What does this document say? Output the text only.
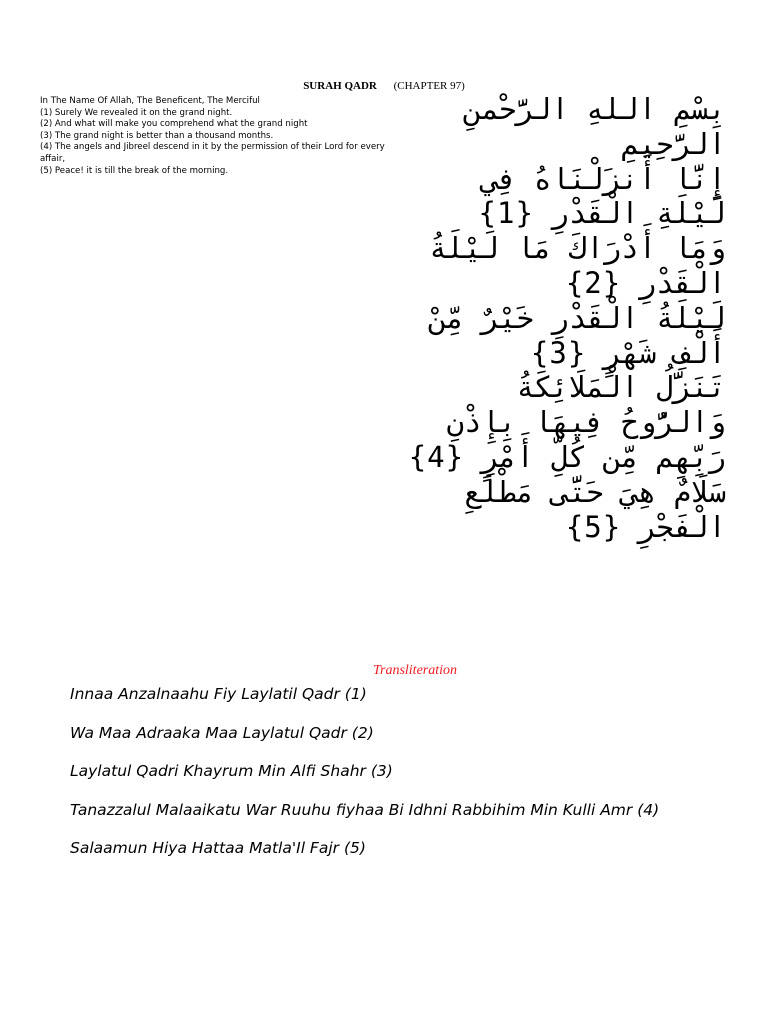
SURAH QADR (CHAPTER 97)
In The Name Of Allah, The Beneficent, The Merciful
(1) Surely We revealed it on the grand night.
(2) And what will make you comprehend what the grand night
(3) The grand night is better than a thousand months.
(4) The angels and Jibreel descend in it by the permission of their Lord for every affair,
(5) Peace! it is till the break of the morning.
بِسْمِ اللهِ الرَّحْمنِ
الرَّحِيمِ
إِنَّا أَنزَلْنَاهُ فِي
لَيْلَةِ الْقَدْرِ {1}
وَمَا أَدْرَاكَ مَا لَيْلَةُ
الْقَدْرِ {2}
لَيْلَةُ الْقَدْرِ خَيْرٌ مِّنْ
أَلْفِ شَهْرٍ {3}
تَنَزَّلُ الْمَلَائِكَةُ
وَالرُّوحُ فِيهَا بِإِذْنِ
رَبِّهِم مِّن كُلِّ أَمْرٍ {4}
سَلَامٌ هِيَ حَتَّى مَطْلَعِ
الْفَجْرِ {5}
Transliteration
Innaa Anzalnaahu Fiy Laylatil Qadr (1)
Wa Maa Adraaka Maa Laylatul Qadr (2)
Laylatul Qadri Khayrum Min Alfi Shahr (3)
Tanazzalul Malaaikatu War Ruuhu fiyhaa Bi Idhni Rabbihim Min Kulli Amr (4)
Salaamun Hiya Hattaa Matla'Il Fajr (5)
